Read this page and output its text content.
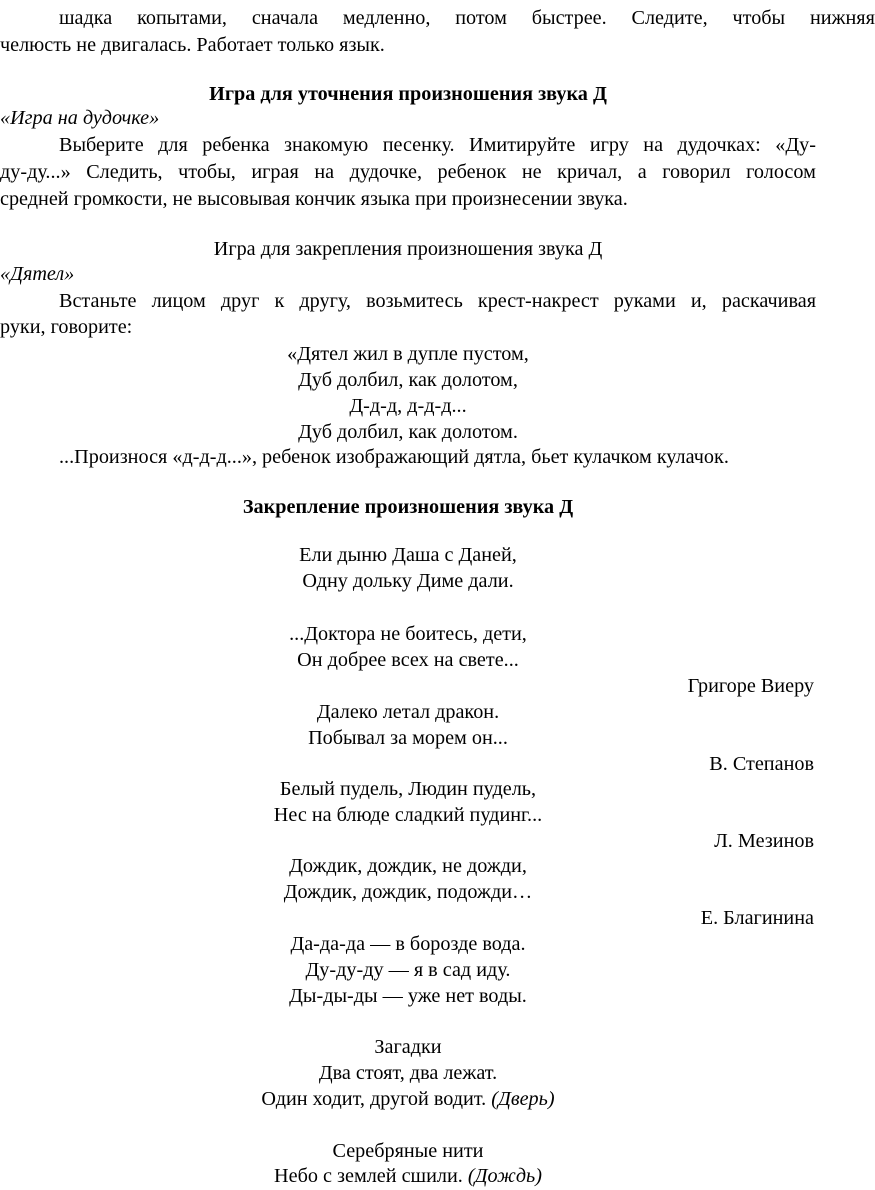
шадка копытами, сначала медленно, потом быстрее. Следите, чтобы нижняя
челюсть не двигалась. Работает только язык.
Игра для уточнения произношения звука Д
«Игра на дудочке»
Выберите для ребенка знакомую песенку. Имитируйте игру на дудочках: «Ду-
ду-ду...» Следить, чтобы, играя на дудочке, ребенок не кричал, а говорил голосом
средней громкости, не высовывая кончик языка при произнесении звука.
Игра для закрепления произношения звука Д
«Дятел»
Встаньте лицом друг к другу, возьмитесь крест-накрест руками и, раскачивая
руки, говорите:
«Дятел жил в дупле пустом,
Дуб долбил, как долотом,
Д-д-д, д-д-д...
Дуб долбил, как долотом.
...Произнося «д-д-д...», ребенок изображающий дятла, бьет кулачком кулачок.
Закрепление произношения звука Д
Ели дыню Даша с Даней,
Одну дольку Диме дали.
...Доктора не боитесь, дети,
Он добрее всех на свете...
Григоре Виеру
Далеко летал дракон.
Побывал за морем он...
В. Степанов
Белый пудель, Людин пудель,
Нес на блюде сладкий пудинг...
Л. Мезинов
Дождик, дождик, не дожди,
Дождик, дождик, подожди…
Е. Благинина
Да-да-да — в борозде вода.
Ду-ду-ду — я в сад иду.
Ды-ды-ды — уже нет воды.
Загадки
Два стоят, два лежат.
Один ходит, другой водит. (Дверь)
Серебряные нити
Небо с землей сшили. (Дождь)
